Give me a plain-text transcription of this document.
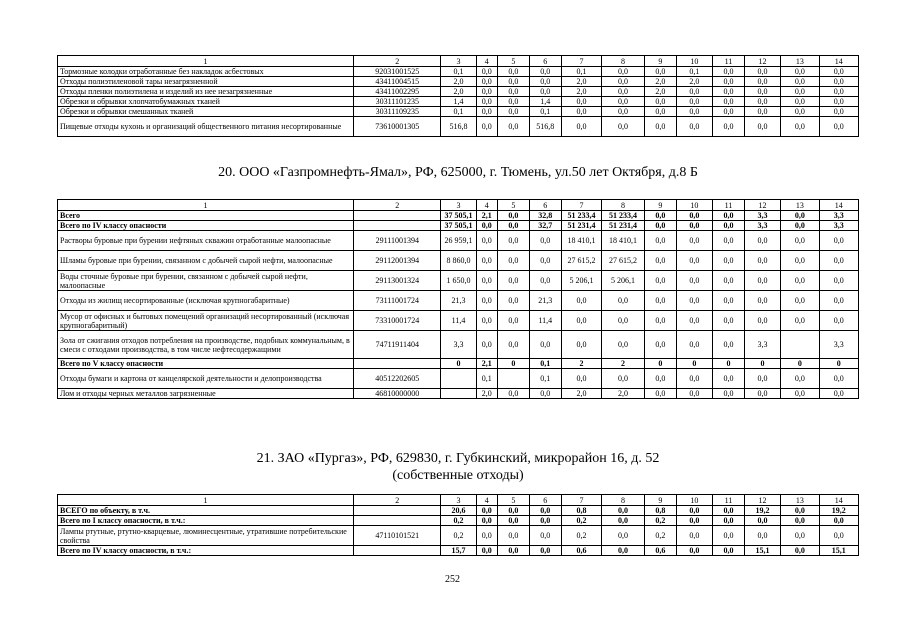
1	2	3	4	5	6	7	8	9	10	11	12	13	14
Тормозные колодки отработанные без накладок асбестовых	92031001525	0,1	0,0	0,0	0,0	0,1	0,0	0,0	0,1	0,0	0,0	0,0	0,0
Отходы полиэтиленовой тары незагрязненной	43411004515	2,0	0,0	0,0	0,0	2,0	0,0	2,0	2,0	0,0	0,0	0,0	0,0
Отходы пленки полиэтилена и изделий из нее незагрязненные	43411002295	2,0	0,0	0,0	0,0	2,0	0,0	2,0	0,0	0,0	0,0	0,0	0,0
Обрезки и обрывки хлопчатобумажных тканей	30311101235	1,4	0,0	0,0	1,4	0,0	0,0	0,0	0,0	0,0	0,0	0,0	0,0
Обрезки и обрывки смешанных тканей	30311109235	0,1	0,0	0,0	0,1	0,0	0,0	0,0	0,0	0,0	0,0	0,0	0,0
Пищевые отходы кухонь и организаций общественного питания несортированные	73610001305	516,8	0,0	0,0	516,8	0,0	0,0	0,0	0,0	0,0	0,0	0,0	0,0
20. ООО «Газпромнефть-Ямал», РФ, 625000, г. Тюмень, ул.50 лет Октября, д.8 Б
1	2	3	4	5	6	7	8	9	10	11	12	13	14
Всего		37 505,1	2,1	0,0	32,8	51 233,4	51 233,4	0,0	0,0	0,0	3,3	0,0	3,3
Всего по IV классу опасности		37 505,1	0,0	0,0	32,7	51 231,4	51 231,4	0,0	0,0	0,0	3,3	0,0	3,3
Растворы буровые при бурении нефтяных скважин отработанные малоопасные	29111001394	26 959,1	0,0	0,0	0,0	18 410,1	18 410,1	0,0	0,0	0,0	0,0	0,0	0,0
Шламы буровые при бурении, связанном с добычей сырой нефти, малоопасные	29112001394	8 860,0	0,0	0,0	0,0	27 615,2	27 615,2	0,0	0,0	0,0	0,0	0,0	0,0
Воды сточные буровые при бурении, связанном с добычей сырой нефти, малоопасные	29113001324	1 650,0	0,0	0,0	0,0	5 206,1	5 206,1	0,0	0,0	0,0	0,0	0,0	0,0
Отходы из жилищ несортированные (исключая крупногабаритные)	73111001724	21,3	0,0	0,0	21,3	0,0	0,0	0,0	0,0	0,0	0,0	0,0	0,0
Мусор от офисных и бытовых помещений организаций несортированный (исключая крупногабаритный)	73310001724	11,4	0,0	0,0	11,4	0,0	0,0	0,0	0,0	0,0	0,0	0,0	0,0
Зола от сжигания отходов потребления на производстве, подобных коммунальным, в смеси с отходами производства, в том числе нефтесодержащими	74711911404	3,3	0,0	0,0	0,0	0,0	0,0	0,0	0,0	0,0	3,3		3,3
Всего по V классу опасности		0	2,1	0	0,1	2	2	0	0	0	0	0	0
Отходы бумаги и картона от канцелярской деятельности и делопроизводства	40512202605		0,1		0,1	0,0	0,0	0,0	0,0	0,0	0,0	0,0	0,0
Лом и отходы черных металлов загрязненные	46810000000		2,0	0,0	0,0	2,0	2,0	0,0	0,0	0,0	0,0	0,0	0,0
21. ЗАО «Пургаз», РФ, 629830, г. Губкинский, микрорайон 16, д. 52
(собственные отходы)
1	2	3	4	5	6	7	8	9	10	11	12	13	14
ВСЕГО по объекту, в т.ч.		20,6	0,0	0,0	0,0	0,8	0,0	0,8	0,0	0,0	19,2	0,0	19,2
Всего по I классу опасности, в т.ч.:		0,2	0,0	0,0	0,0	0,2	0,0	0,2	0,0	0,0	0,0	0,0	0,0
Лампы ртутные, ртутно-кварцевые, люминесцентные, утратившие потребительские свойства	47110101521	0,2	0,0	0,0	0,0	0,2	0,0	0,2	0,0	0,0	0,0	0,0	0,0
Всего по IV классу опасности, в т.ч.:		15,7	0,0	0,0	0,0	0,6	0,0	0,6	0,0	0,0	15,1	0,0	15,1
252
